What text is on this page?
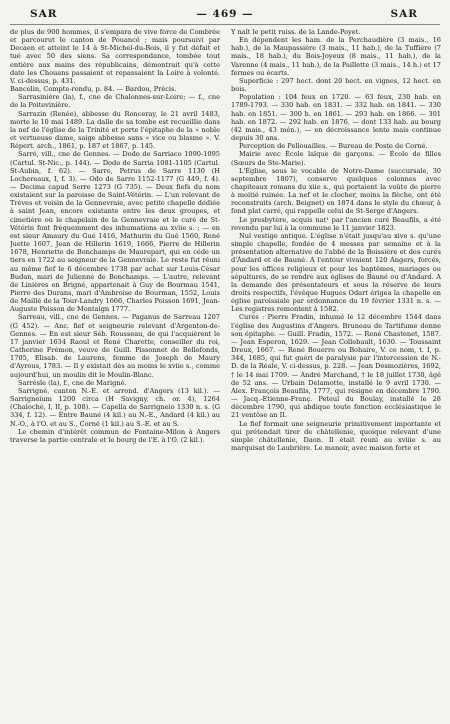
SAR	— 469 —	SAR

de plus de 900 hommes, il s'empara de vive force de Combrée et parcourut le canton de Pouancé ; mais poursuivi par Decaen et atteint le 14 à St-Michel-du-Bois, il y fut défait et tué avec 50 des siens. Sa correspondance, tombée tout entière aux mains des républicains, démontrait qu'à cette date les Chouans passaient et repassaient la Loire à volonté. V. ci-dessus, p. 431.

Bancelin, Compte-rendu, p. 84. — Bardou, Précis.

Sarrasinière (la), f., cne de Chalonnes-sur-Loire; — f., cne de la Poitevinière.

Sarrazin (Renée), abbesse du Ronceray, le 21 avril 1483, morte le 10 mai 1489. La dalle de sa tombe est recueillie dans la nef de l'église de la Trinité et porte l'épitaphe de la « noble et vertueuse dame, saige abbesse sans « vice ou blasme ». V. Répert. arch., 1861, p. 187 et 1867, p. 145.

Sarré, vill., cne de Gennes. — Dodo de Sarriaco 1090-1095 (Cartul. St-Nic., p. 144). — Dodo de Sarria 1081-1105 (Cartul. St-Aubin, f. 62). — Sarre, Petrus de Sarre 1130 (H Lochereaux, I, f. 3). — Odo de Sarre 1152-1177 (G 449, f. 4). — Decima capud Serre 1273 (G 735). — Deux fiefs du nom existaient sur la paroisse de Saint-Vétérin. — L'un relevant de Trèves et voisin de la Gennevraie, avec petite chapelle dédiée à saint Jean, encore existante entre les deux groupes, et cimetière où le chapelain de la Gennevraie et le curé de St-Vétérin font fréquemment des inhumations au xviie s. ; — en est sieur Amaury du Gué 1416, Mathurin du Gué 1560, René Juette 1607, Jean de Hillerin 1619, 1666, Pierre de Hillerin 1678, Henriette de Bonchamps de Maurepart, qui en céde un tiers en 1722 au seigneur de la Gennevraie. Le reste fut réuni au même fief le 6 décembre 1738 par achat sur Louis-César Budan, mari de Julienne de Bonchamps. — L'autre, relevant de Linières en Brigné, appartenait à Guy de Bourmau 1541, Pierre des Durans, mari d'Ambroise de Bourman, 1552, Louis de Maillé de la Tour-Landry 1666, Charles Poisson 1691, Jean-Auguste Poisson de Montaign 1777.

Sarreau, vill., cne de Gennes. — Paganus de Sarreau 1207 (G 452). — Anc. fief et seigneurie relevant d'Argenton-de-Gennes. — En est sieur Séb. Rousseau, de qui l'acquièrent le 17 janvier 1634 Raoul et René Charette, conseiller du roi, Catherine Frémon, veuve de Guill. Pissonnet de Bellefonds, 1705, Elisab. de Laurens, femme de Joseph de Maury d'Ayrous, 1783. — Il y existait dès au moins le xviie s., comme aujourd'hui, un moulin dit le Moulin-Blanc.

Sarrésle (la), f., cne de Marigné.

Sarrigné, canton N.-E. et arrond. d'Angers (13 kil.). — Sarrigneium 1200 circa (H Savigny, ch. or. 4), 1264 (Chalochè, I, II, p. 108). — Capella de Sarrigneio 1330 n. s. (G 334, f. 12). — Entre Bauné (4 kil.) au N.-E., Andard (4 kil.) au N.-O., à l'O. et au S., Corné (1 kil.) au S.-E. et au S.

Le chemin d'intérêt commun de Fontaine-Milon à Angers traverse la partie centrale et le bourg de l'E. à l'O. (2 kil.).

Y naît le petit ruiss. de la Lande-Poyet.

En dépendent les ham. de la Perchaudière (3 mais., 16 hab.), de la Maupassière (3 mais., 11 hab.), de la Tuffière (7 mais., 18 hab.), du Bois-Joyeux (8 mais., 11 hab.), de la Varenne (4 mais., 11 hab.), de la Paillette (3 mais., 14 h.) et 17 fermes ou écarts.

Superficie : 297 hect. dont 20 hect. en vignes, 12 hect. en bois.

Population : 104 feux en 1720. — 63 feux, 230 hab. en 1789-1793. — 330 hab. en 1831. — 332 hab. en 1841. — 330 hab. en 1851. — 300 h. en 1861. — 293 hab. en 1866. — 301 hab. en 1872. — 292 hab. en 1876, — dont 133 hab. au bourg (42 mais., 43 mén.), — en décroissance lente mais continue depuis 30 ans.

Perception de Pellouailles. — Bureau de Poste de Corné.

Mairie avec École laïque de garçons. — École de filles (Sœurs de Ste-Marie).

L'Église, sous le vocable de Notre-Dame (succursale, 30 septembre 1807), conserve quelques colonnes avec chapiteaux romans du xiie s., qui portaient la voûte de pierre à moitié ruinée. La nef et le clocher, moins la flèche, ont été reconstruits (arch. Beignet) en 1874 dans le style du chœur, à fond plat carré, qui rappelle celui de St-Serge d'Angers.

Le presbytère, acquis nat¹ par l'ancien curé Beaufils, a été revendu par lui à la commune le 11 janvier 1823.

Nul vestige antique. L'église n'était jusqu'au xive s. qu'une simple chapelle, fondée de 4 messes par semaine et à la présentation alternative de l'abbé de la Boissière et des curés d'Andard et de Bauné. A l'entour vivaient 120 Angers, forcés, pour les offices religieux et pour les baptêmes, mariages ou sépultures, de se rendre aux églises de Bauné ou d'Andard. A la demande des présentateurs et sous la réserve de leurs droits respectifs, l'évêque Hugues Odart érigea la chapelle en église paroissiale par ordonnance du 19 février 1331 n. s. — Les registres remontent à 1582.

Curés : Pierre Fradin, inhumé le 12 décembre 1544 dans l'église des Augustins d'Angers. Bruneau de Tartifume donne son épitaphe. — Guill. Fradin, 1572. — René Chastenet, 1587. — Jean Esperon, 1629. — Jean Collebault, 1630. — Toussaint Dreux, 1667. — René Bouerre ou Bohaire, V. ce nom, t. I, p. 344, 1685, qui fut guéri de paralysie par l'intercession de N.-D. de la Réale, V. ci-dessus, p. 228. — Jean Desmozières, 1692, † le 14 mai 1709. — André Marchand, † le 18 juillet 1730, âgé de 52 ans. — Urbain Delamotte, installé le 9 avril 1730. — Alex. François Beaufils, 1777, qui résigne en décembre 1790. — Jacq.-Etienne-Franç. Peteul du Boulay, installé le 28 décembre 1790, qui abdique toute fonction ecclésiastique le 21 ventôse an II.

Le fief formait une seigneurie primitivement importante et qui prétendait tirer de châtellenie, quoique relevant d'une simple châtellenie, Daon. Il était réuni au xviiie s. au marquisat de Laubrière. Le manoir, avec maison forte et
